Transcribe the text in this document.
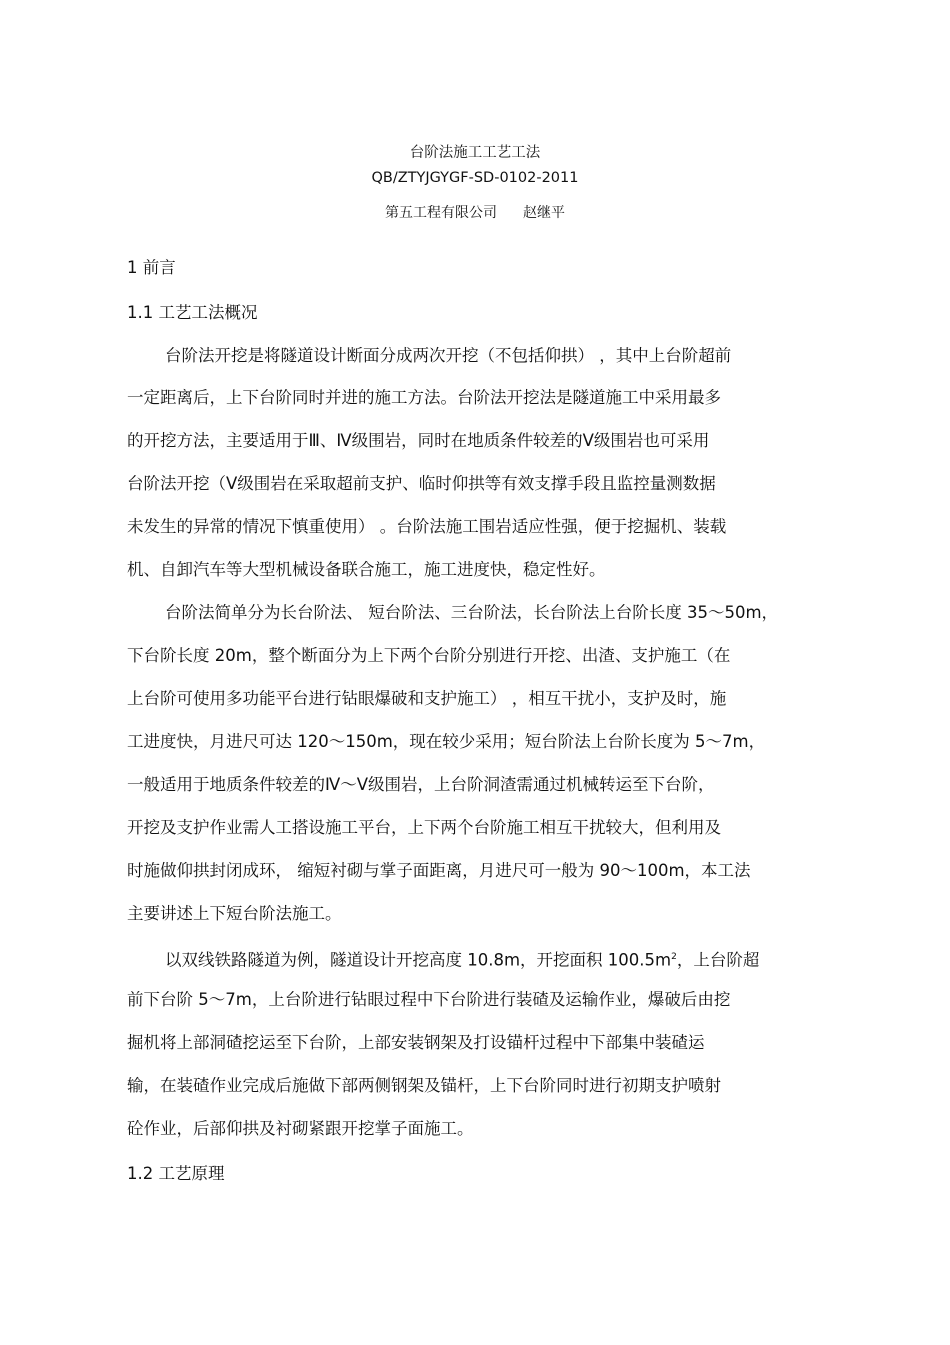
台阶法施工工艺工法
QB/ZTYJGYGF-SD-0102-2011
第五工程有限公司 赵继平
1 前言
1.1 工艺工法概况
台阶法开挖是将隧道设计断面分成两次开挖（不包括仰拱） ，其中上台阶超前
一定距离后，上下台阶同时并进的施工方法。台阶法开挖法是隧道施工中采用最多
的开挖方法，主要适用于Ⅲ、Ⅳ级围岩，同时在地质条件较差的Ⅴ级围岩也可采用
台阶法开挖（Ⅴ级围岩在采取超前支护、临时仰拱等有效支撑手段且监控量测数据
未发生的异常的情况下慎重使用） 。台阶法施工围岩适应性强，便于挖掘机、装载
机、自卸汽车等大型机械设备联合施工，施工进度快，稳定性好。
台阶法简单分为长台阶法、 短台阶法、三台阶法，长台阶法上台阶长度 35～50m，
下台阶长度 20m，整个断面分为上下两个台阶分别进行开挖、出渣、支护施工（在
上台阶可使用多功能平台进行钻眼爆破和支护施工） ，相互干扰小，支护及时，施
工进度快，月进尺可达 120～150m，现在较少采用；短台阶法上台阶长度为 5～7m，
一般适用于地质条件较差的Ⅳ～Ⅴ级围岩，上台阶洞渣需通过机械转运至下台阶，
开挖及支护作业需人工搭设施工平台，上下两个台阶施工相互干扰较大，但利用及
时施做仰拱封闭成环， 缩短衬砌与掌子面距离，月进尺可一般为 90～100m，本工法
主要讲述上下短台阶法施工。
以双线铁路隧道为例，隧道设计开挖高度 10.8m，开挖面积 $100.5m^2$，上台阶超
前下台阶 5～7m，上台阶进行钻眼过程中下台阶进行装碴及运输作业，爆破后由挖
掘机将上部洞碴挖运至下台阶，上部安装钢架及打设锚杆过程中下部集中装碴运
输，在装碴作业完成后施做下部两侧钢架及锚杆，上下台阶同时进行初期支护喷射
砼作业，后部仰拱及衬砌紧跟开挖掌子面施工。
1.2 工艺原理
